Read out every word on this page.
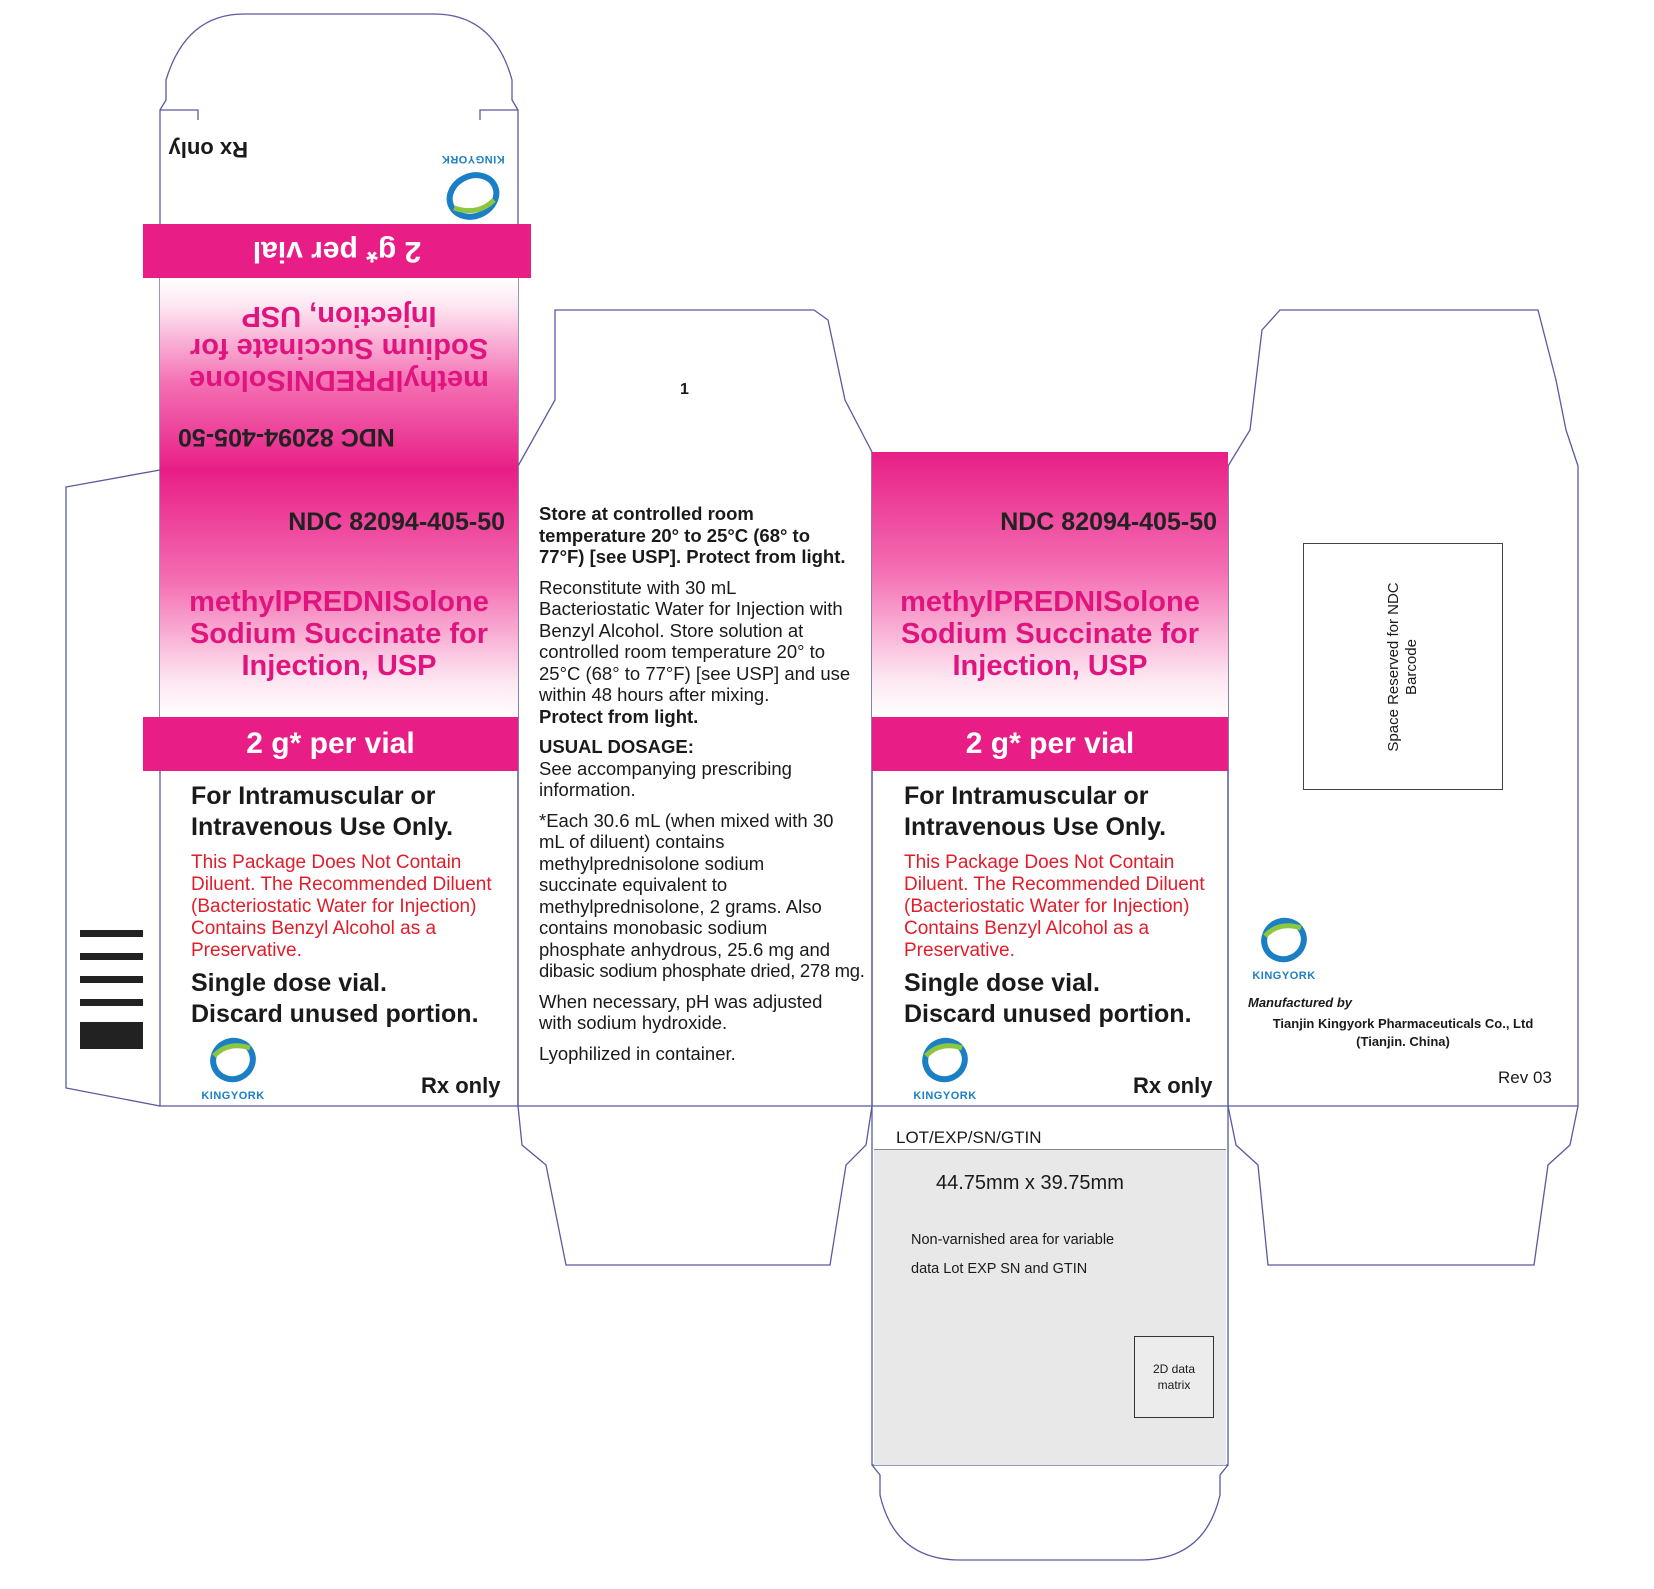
2 g* per vial
NDC 82094-405-50
methylPREDNISolone
Sodium Succinate for
Injection, USP
Rx only	KINGYORK
NDC 82094-405-50
methylPREDNISolone
Sodium Succinate for
Injection, USP
2 g* per vial
For Intramuscular or
Intravenous Use Only.
This Package Does Not Contain
Diluent. The Recommended Diluent
(Bacteriostatic Water for Injection)
Contains Benzyl Alcohol as a
Preservative.
Single dose vial.
Discard unused portion.
KINGYORK	Rx only
1

Store at controlled room
temperature 20° to 25°C (68° to
77°F) [see USP]. Protect from light.

Reconstitute with 30 mL
Bacteriostatic Water for Injection with
Benzyl Alcohol. Store solution at
controlled room temperature 20° to
25°C (68° to 77°F) [see USP] and use
within 48 hours after mixing.

Protect from light.

USUAL DOSAGE:
See accompanying prescribing
information.

*Each 30.6 mL (when mixed with 30
mL of diluent) contains
methylprednisolone sodium
succinate equivalent to
methylprednisolone, 2 grams. Also
contains monobasic sodium
phosphate anhydrous, 25.6 mg and
dibasic sodium phosphate dried, 278 mg.

When necessary, pH was adjusted
with sodium hydroxide.

Lyophilized in container.

NDC 82094-405-50
methylPREDNISolone
Sodium Succinate for
Injection, USP
2 g* per vial
For Intramuscular or
Intravenous Use Only.
This Package Does Not Contain
Diluent. The Recommended Diluent
(Bacteriostatic Water for Injection)
Contains Benzyl Alcohol as a
Preservative.
Single dose vial.
Discard unused portion.
KINGYORK	Rx only
Space Reserved for NDC Barcode
KINGYORK
Manufactured by
Tianjin Kingyork Pharmaceuticals Co., Ltd
(Tianjin. China)
Rev 03
LOT/EXP/SN/GTIN
44.75mm x 39.75mm
Non-varnished area for variable
data Lot EXP SN and GTIN
2D data
matrix
